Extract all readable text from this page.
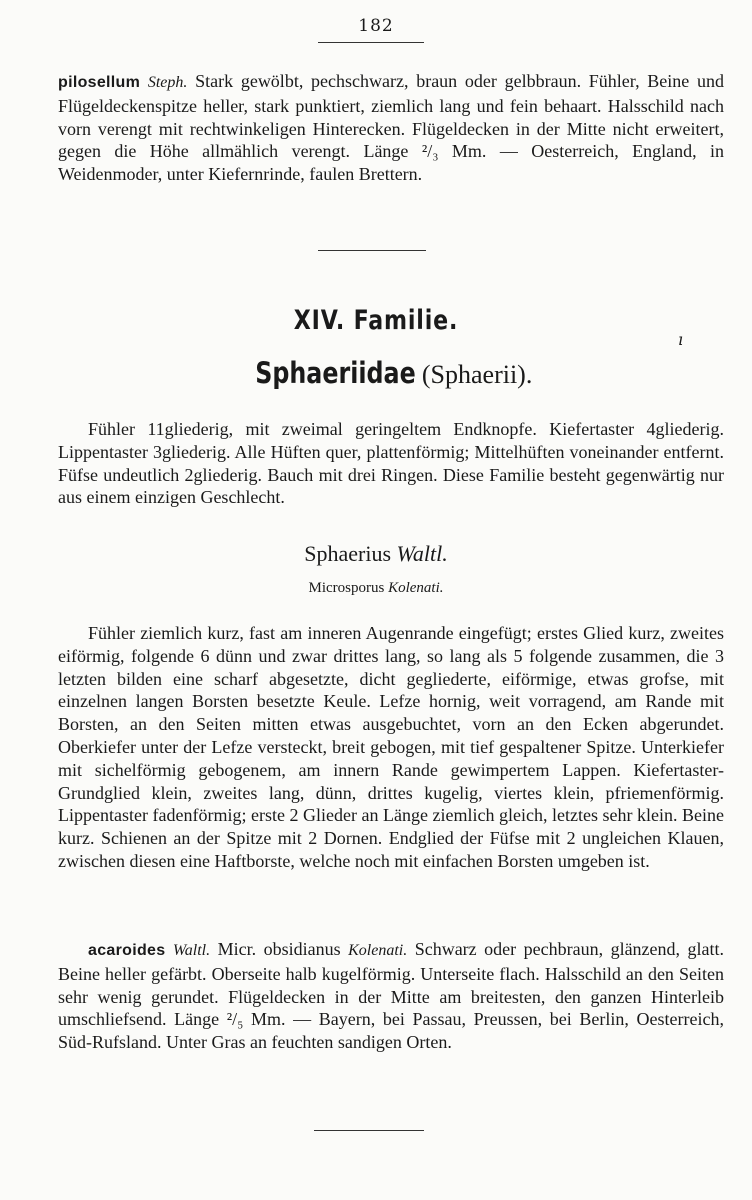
182

pilosellum Steph. Stark gewölbt, pechschwarz, braun oder gelbbraun. Fühler, Beine und Flügeldeckenspitze heller, stark punktiert, ziemlich lang und fein behaart. Halsschild nach vorn verengt mit rechtwinkeligen Hinterecken. Flügeldecken in der Mitte nicht erweitert, gegen die Höhe allmählich verengt. Länge ²/₃ Mm. — Oesterreich, England, in Weidenmoder, unter Kiefernrinde, faulen Brettern.

XIV. Familie.
ı
Sphaeriidae (Sphaerii).

Fühler 11gliederig, mit zweimal geringeltem Endknopfe. Kiefertaster 4gliederig. Lippentaster 3gliederig. Alle Hüften quer, plattenförmig; Mittelhüften voneinander entfernt. Füfse undeutlich 2gliederig. Bauch mit drei Ringen. Diese Familie besteht gegenwärtig nur aus einem einzigen Geschlecht.

Sphaerius Waltl.
Microsporus Kolenati.

Fühler ziemlich kurz, fast am inneren Augenrande eingefügt; erstes Glied kurz, zweites eiförmig, folgende 6 dünn und zwar drittes lang, so lang als 5 folgende zusammen, die 3 letzten bilden eine scharf abgesetzte, dicht gegliederte, eiförmige, etwas grofse, mit einzelnen langen Borsten besetzte Keule. Lefze hornig, weit vorragend, am Rande mit Borsten, an den Seiten mitten etwas ausgebuchtet, vorn an den Ecken abgerundet. Oberkiefer unter der Lefze versteckt, breit gebogen, mit tief gespaltener Spitze. Unterkiefer mit sichelförmig gebogenem, am innern Rande gewimpertem Lappen. Kiefertaster-Grundglied klein, zweites lang, dünn, drittes kugelig, viertes klein, pfriemenförmig. Lippentaster fadenförmig; erste 2 Glieder an Länge ziemlich gleich, letztes sehr klein. Beine kurz. Schienen an der Spitze mit 2 Dornen. Endglied der Füfse mit 2 ungleichen Klauen, zwischen diesen eine Haftborste, welche noch mit einfachen Borsten umgeben ist.

acaroides Waltl. Micr. obsidianus Kolenati. Schwarz oder pechbraun, glänzend, glatt. Beine heller gefärbt. Oberseite halb kugelförmig. Unterseite flach. Halsschild an den Seiten sehr wenig gerundet. Flügeldecken in der Mitte am breitesten, den ganzen Hinterleib umschliefsend. Länge ²/₅ Mm. — Bayern, bei Passau, Preussen, bei Berlin, Oesterreich, Süd-Rufsland. Unter Gras an feuchten sandigen Orten.
